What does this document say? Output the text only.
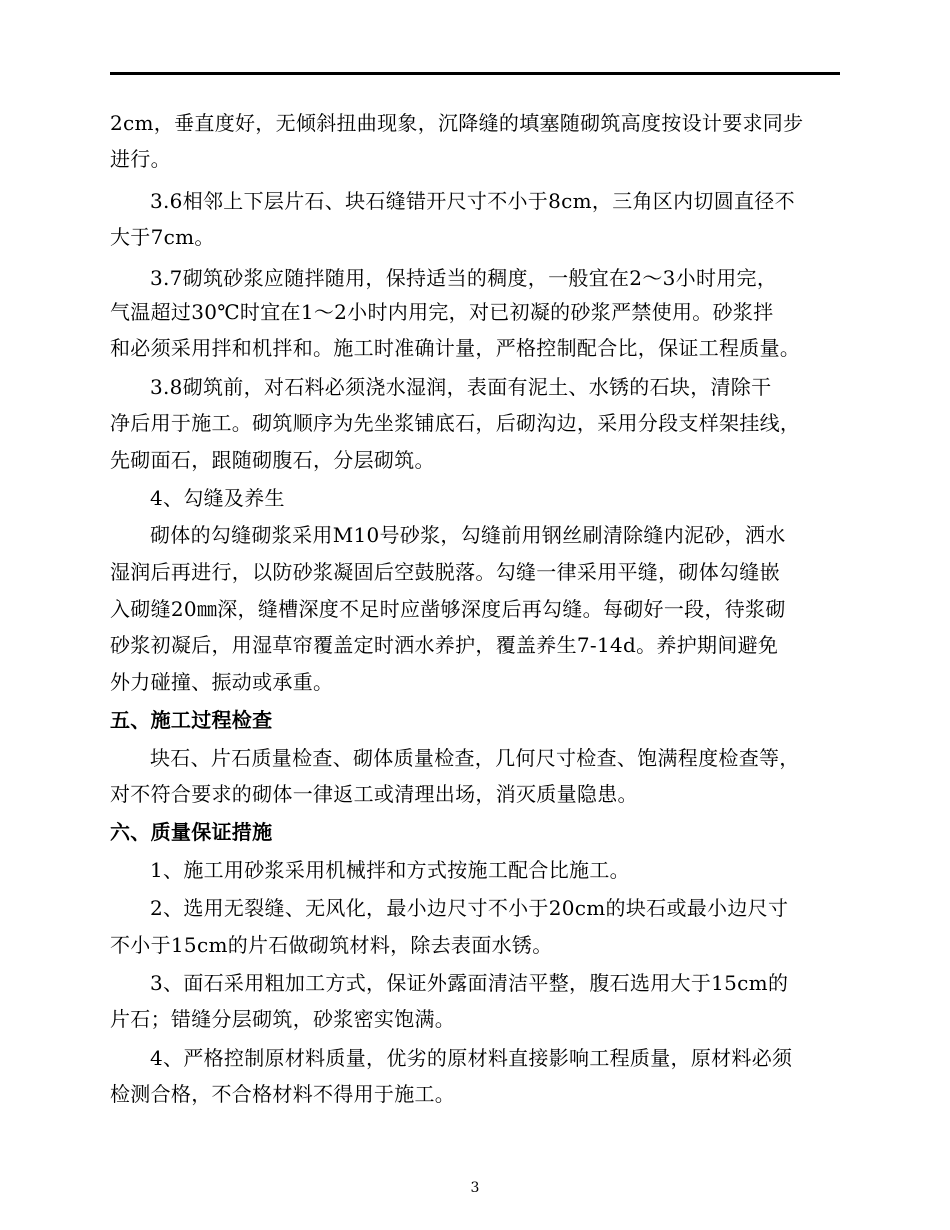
2cm，垂直度好，无倾斜扭曲现象，沉降缝的填塞随砌筑高度按设计要求同步
进行。
3.6相邻上下层片石、块石缝错开尺寸不小于8cm，三角区内切圆直径不
大于7cm。
3.7砌筑砂浆应随拌随用，保持适当的稠度，一般宜在2～3小时用完，
气温超过30℃时宜在1～2小时内用完，对已初凝的砂浆严禁使用。砂浆拌
和必须采用拌和机拌和。施工时准确计量，严格控制配合比，保证工程质量。
3.8砌筑前，对石料必须浇水湿润，表面有泥土、水锈的石块，清除干
净后用于施工。砌筑顺序为先坐浆铺底石，后砌沟边，采用分段支样架挂线，
先砌面石，跟随砌腹石，分层砌筑。
4、勾缝及养生
砌体的勾缝砌浆采用M10号砂浆，勾缝前用钢丝刷清除缝内泥砂，洒水
湿润后再进行，以防砂浆凝固后空鼓脱落。勾缝一律采用平缝，砌体勾缝嵌
入砌缝20㎜深，缝槽深度不足时应凿够深度后再勾缝。每砌好一段，待浆砌
砂浆初凝后，用湿草帘覆盖定时洒水养护，覆盖养生7-14d。养护期间避免
外力碰撞、振动或承重。
五、施工过程检查
块石、片石质量检查、砌体质量检查，几何尺寸检查、饱满程度检查等，
对不符合要求的砌体一律返工或清理出场，消灭质量隐患。
六、质量保证措施
1、施工用砂浆采用机械拌和方式按施工配合比施工。
2、选用无裂缝、无风化，最小边尺寸不小于20cm的块石或最小边尺寸
不小于15cm的片石做砌筑材料，除去表面水锈。
3、面石采用粗加工方式，保证外露面清洁平整，腹石选用大于15cm的
片石；错缝分层砌筑，砂浆密实饱满。
4、严格控制原材料质量，优劣的原材料直接影响工程质量，原材料必须
检测合格，不合格材料不得用于施工。
3
